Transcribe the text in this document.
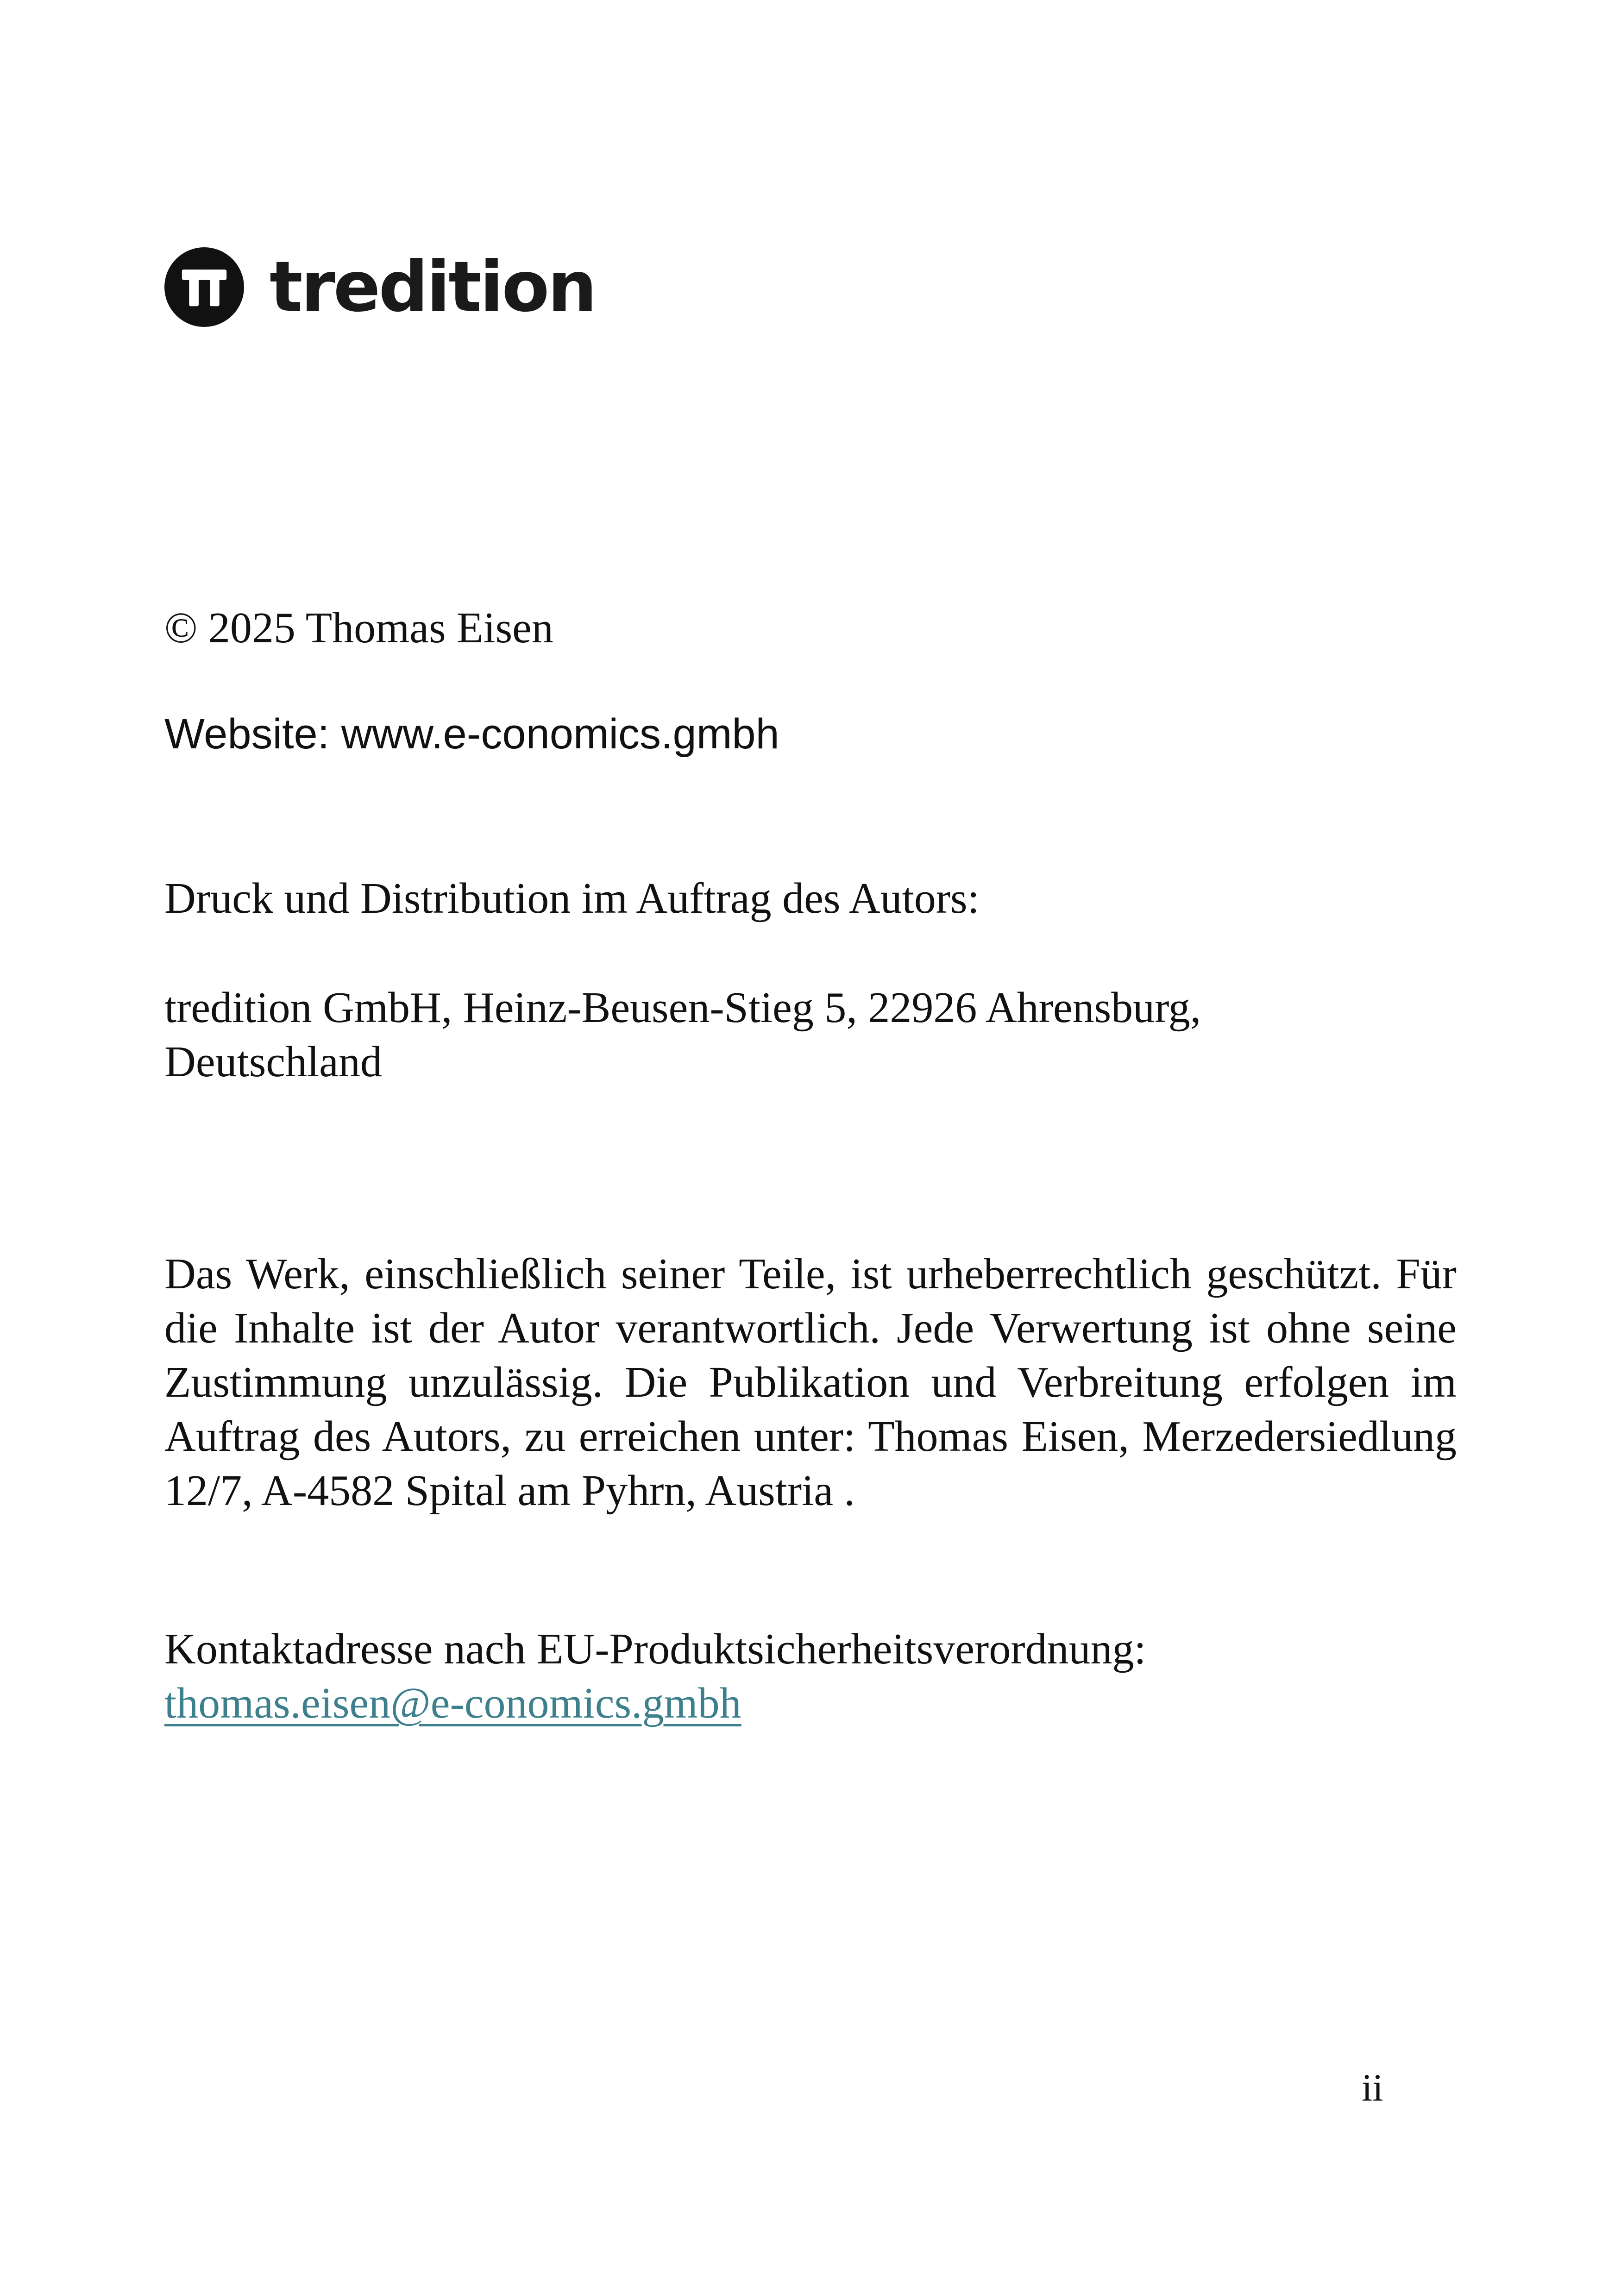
tredition

© 2025 Thomas Eisen

Website: www.e-conomics.gmbh

Druck und Distribution im Auftrag des Autors:

tredition GmbH, Heinz-Beusen-Stieg 5, 22926 Ahrensburg,
Deutschland

Das Werk, einschließlich seiner Teile, ist urheberrechtlich geschützt. Für die Inhalte ist der Autor verantwortlich. Jede Verwertung ist ohne seine Zustimmung unzulässig. Die Publikation und Verbreitung erfolgen im Auftrag des Autors, zu erreichen unter: Thomas Eisen, Merzedersiedlung 12/7, A-4582 Spital am Pyhrn, Austria .

Kontaktadresse nach EU-Produktsicherheitsverordnung:
thomas.eisen@e-conomics.gmbh

ii
